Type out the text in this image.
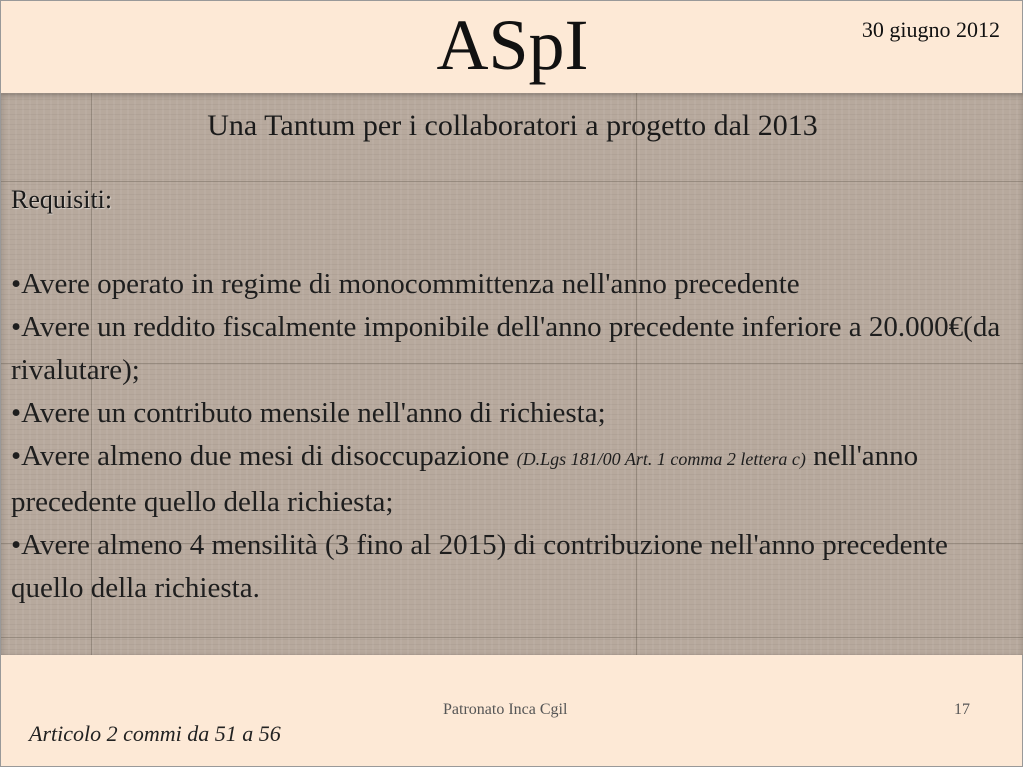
ASpI	30 giugno 2012
Una Tantum per i collaboratori a progetto dal 2013
Requisiti:

•Avere operato in regime di monocommittenza nell'anno precedente

•Avere un reddito fiscalmente imponibile dell'anno precedente inferiore a 20.000€(da rivalutare);

•Avere un contributo mensile nell'anno di richiesta;

•Avere almeno due mesi di disoccupazione (D.Lgs 181/00 Art. 1 comma 2 lettera c) nell'anno precedente quello della richiesta;

•Avere almeno 4 mensilità (3 fino al 2015) di contribuzione nell'anno precedente quello della richiesta.

Patronato Inca Cgil	17
Articolo 2 commi da 51 a 56
